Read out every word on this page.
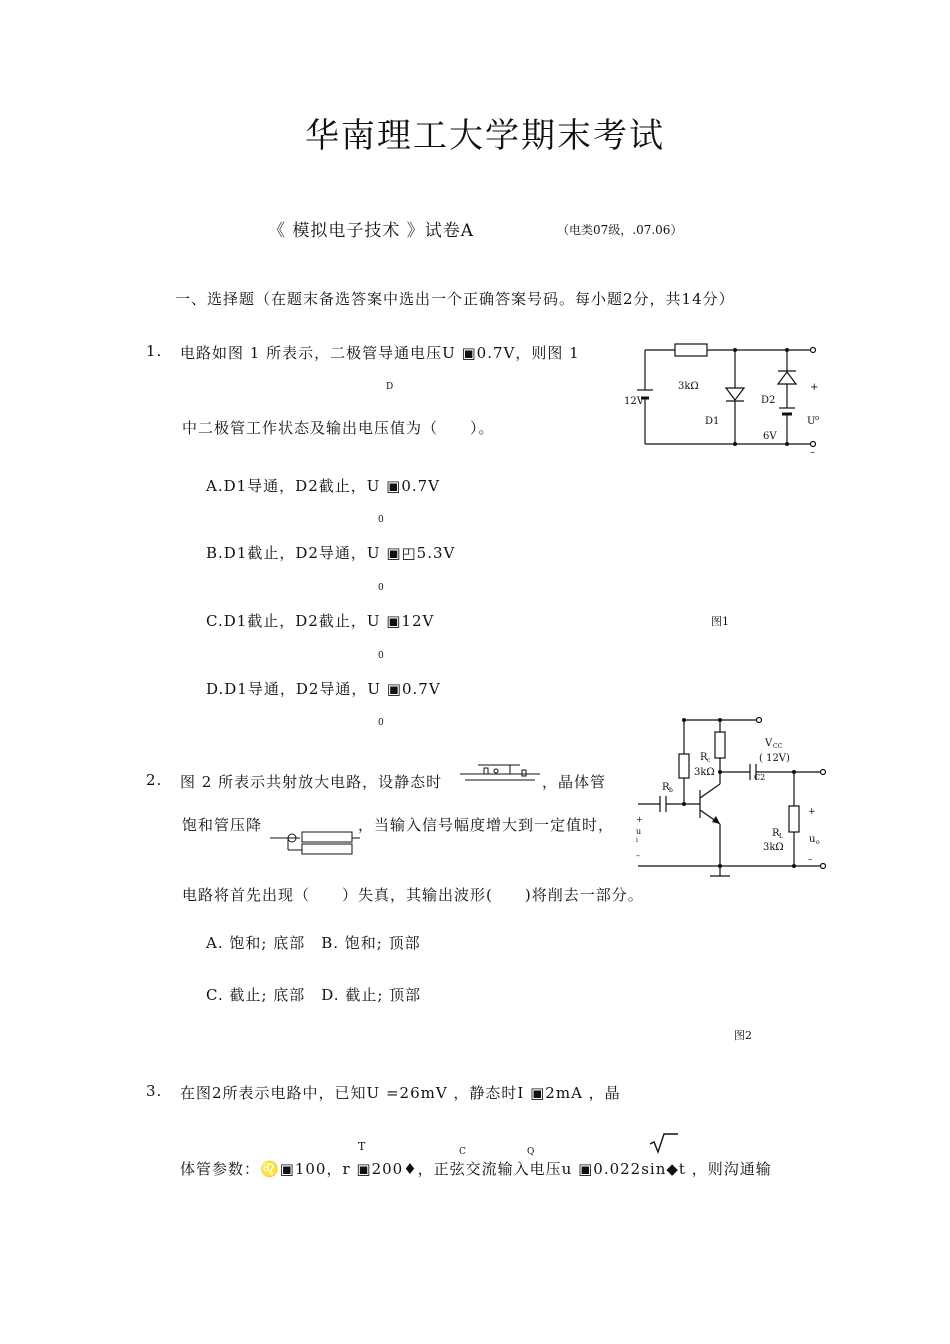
华南理工大学期末考试
《 模拟电子技术 》试卷A	（电类07级，.07.06）
一、选择题（在题末备选答案中选出一个正确答案号码。每小题2分，共14分）
1. 电路如图 1 所表示，二极管导通电压U ▣0.7V，则图 1
D
中二极管工作状态及输出电压值为（　　）。
A.D1导通，D2截止，U ▣0.7V
0
B.D1截止，D2导通，U ▣◰5.3V
0
C.D1截止，D2截止，U ▣12V
0
D.D1导通，D2导通，U ▣0.7V
0
3kΩ
12V
D1
D2
6V
+
U o
–
图1
2. 图 2 所表示共射放大电路，设静态时	，晶体管
饱和管压降	，当输入信号幅度增大到一定值时，
电路将首先出现（　　）失真，其输出波形(　　)将削去一部分。
A. 饱和; 底部　B. 饱和; 顶部
C. 截止; 底部　D. 截止; 顶部
V CC
( 12V)
R c
3kΩ
R b
C2
R L
3kΩ
u o
+
–
u
i
+
–
图2
3. 在图2所表示电路中，已知U =26mV ，静态时I ▣2mA ，晶
T	C	Q
体管参数：♌▣100，r ▣200♦，正弦交流输入电压u ▣0.022sin◆t ，则沟通输
